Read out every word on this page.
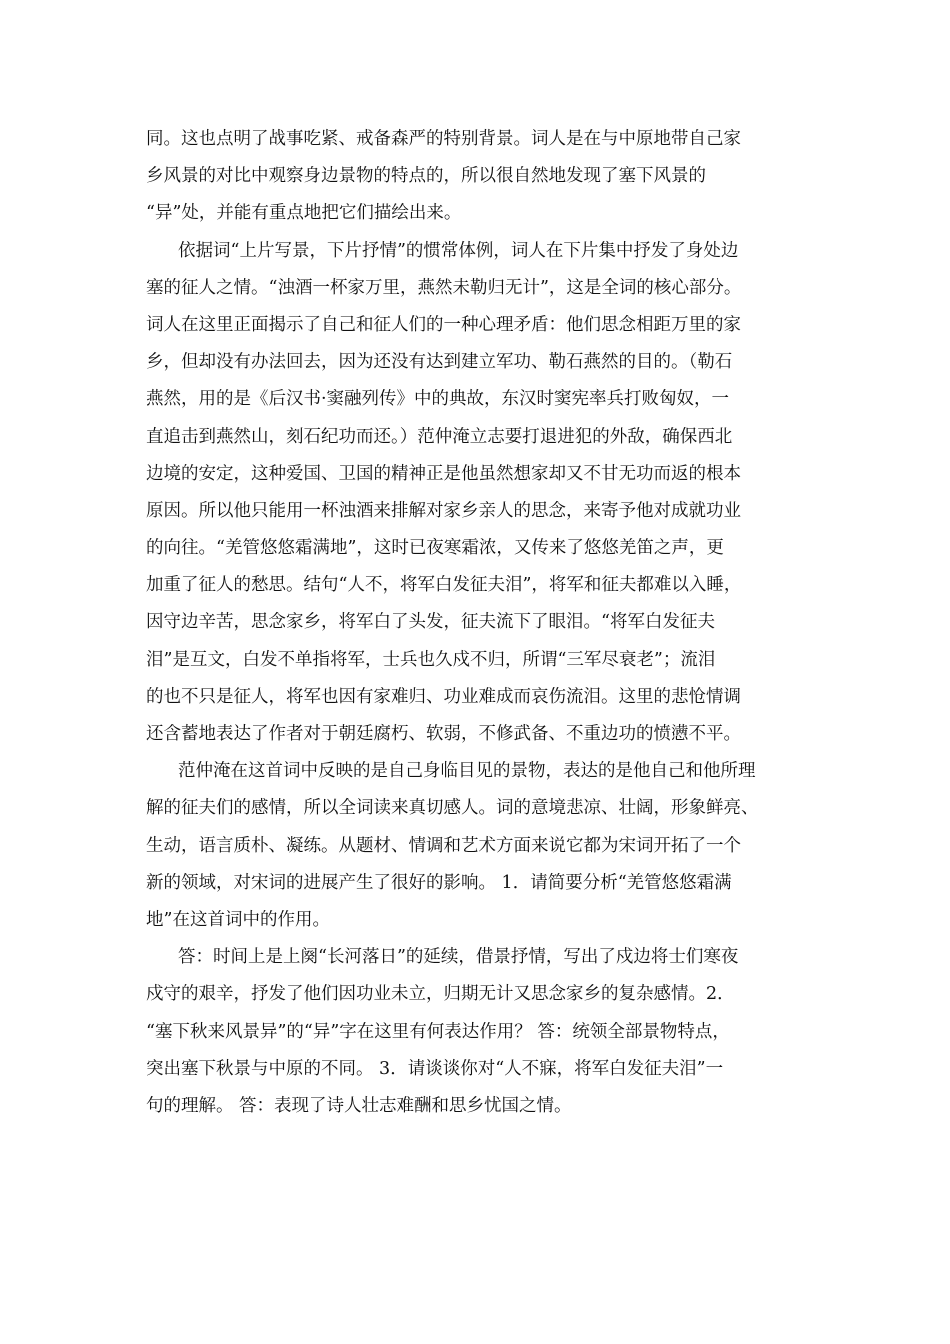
同。这也点明了战事吃紧、戒备森严的特别背景。词人是在与中原地带自己家
乡风景的对比中观察身边景物的特点的，所以很自然地发现了塞下风景的
“异”处，并能有重点地把它们描绘出来。
依据词“上片写景，下片抒情”的惯常体例，词人在下片集中抒发了身处边
塞的征人之情。“浊酒一杯家万里，燕然未勒归无计”，这是全词的核心部分。
词人在这里正面揭示了自己和征人们的一种心理矛盾：他们思念相距万里的家
乡，但却没有办法回去，因为还没有达到建立军功、勒石燕然的目的。（勒石
燕然，用的是《后汉书·窦融列传》中的典故，东汉时窦宪率兵打败匈奴，一
直追击到燕然山，刻石纪功而还。）范仲淹立志要打退进犯的外敌，确保西北
边境的安定，这种爱国、卫国的精神正是他虽然想家却又不甘无功而返的根本
原因。所以他只能用一杯浊酒来排解对家乡亲人的思念，来寄予他对成就功业
的向往。“羌管悠悠霜满地”，这时已夜寒霜浓，又传来了悠悠羌笛之声，更
加重了征人的愁思。结句“人不，将军白发征夫泪”，将军和征夫都难以入睡，
因守边辛苦，思念家乡，将军白了头发，征夫流下了眼泪。“将军白发征夫
泪”是互文，白发不单指将军，士兵也久戍不归，所谓“三军尽衰老”；流泪
的也不只是征人，将军也因有家难归、功业难成而哀伤流泪。这里的悲怆情调
还含蓄地表达了作者对于朝廷腐朽、软弱，不修武备、不重边功的愤懑不平。
范仲淹在这首词中反映的是自己身临目见的景物，表达的是他自己和他所理
解的征夫们的感情，所以全词读来真切感人。词的意境悲凉、壮阔，形象鲜亮、
生动，语言质朴、凝练。从题材、情调和艺术方面来说它都为宋词开拓了一个
新的领域，对宋词的进展产生了很好的影响。 1．请简要分析“羌管悠悠霜满
地”在这首词中的作用。
答：时间上是上阕“长河落日”的延续，借景抒情，写出了戍边将士们寒夜
戍守的艰辛，抒发了他们因功业未立，归期无计又思念家乡的复杂感情。2．
“塞下秋来风景异”的“异”字在这里有何表达作用？ 答：统领全部景物特点，
突出塞下秋景与中原的不同。 3．请谈谈你对“人不寐，将军白发征夫泪”一
句的理解。 答：表现了诗人壮志难酬和思乡忧国之情。
